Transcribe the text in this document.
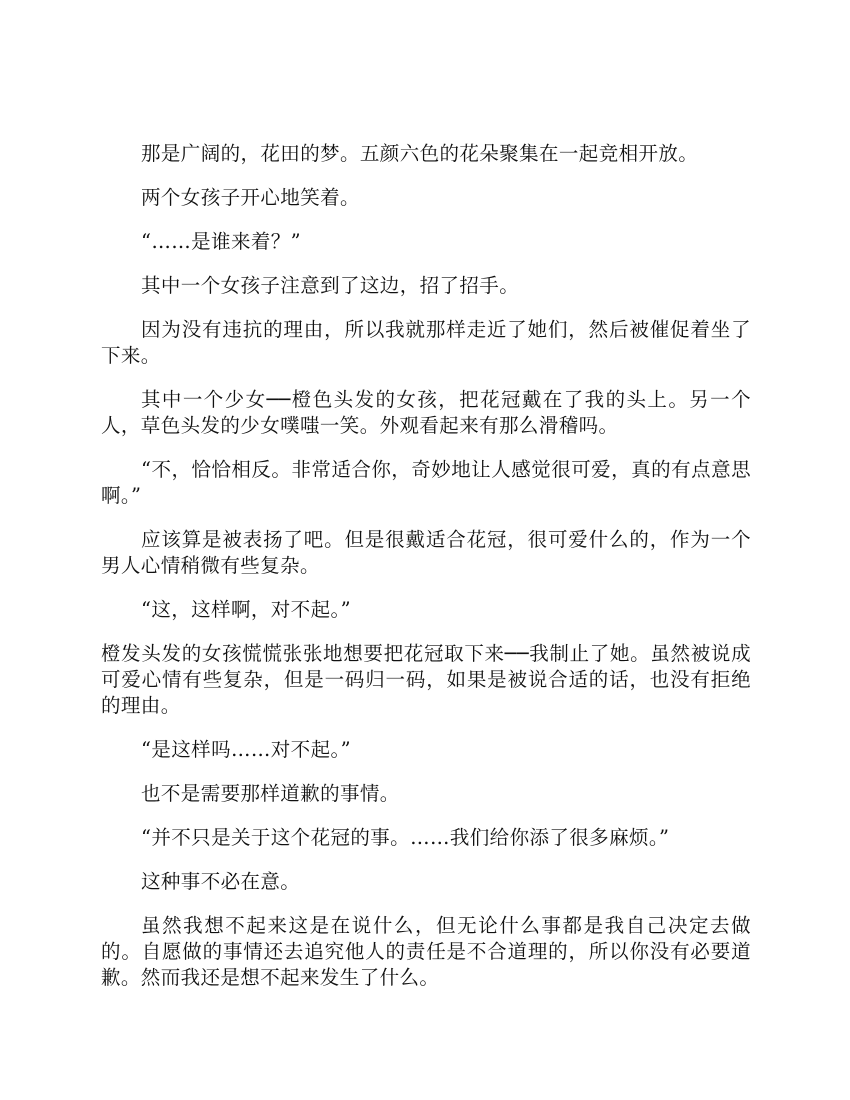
那是广阔的，花田的梦。五颜六色的花朵聚集在一起竞相开放。

两个女孩子开心地笑着。

“……是谁来着？”

其中一个女孩子注意到了这边，招了招手。

因为没有违抗的理由，所以我就那样走近了她们，然后被催促着坐了下来。

其中一个少女──橙色头发的女孩，把花冠戴在了我的头上。另一个人，草色头发的少女噗嗤一笑。外观看起来有那么滑稽吗。

“不，恰恰相反。非常适合你，奇妙地让人感觉很可爱，真的有点意思啊。”

应该算是被表扬了吧。但是很戴适合花冠，很可爱什么的，作为一个男人心情稍微有些复杂。

“这，这样啊，对不起。”

橙发头发的女孩慌慌张张地想要把花冠取下来──我制止了她。虽然被说成可爱心情有些复杂，但是一码归一码，如果是被说合适的话，也没有拒绝的理由。

“是这样吗……对不起。”

也不是需要那样道歉的事情。

“并不只是关于这个花冠的事。……我们给你添了很多麻烦。”

这种事不必在意。

虽然我想不起来这是在说什么，但无论什么事都是我自己决定去做的。自愿做的事情还去追究他人的责任是不合道理的，所以你没有必要道歉。然而我还是想不起来发生了什么。
